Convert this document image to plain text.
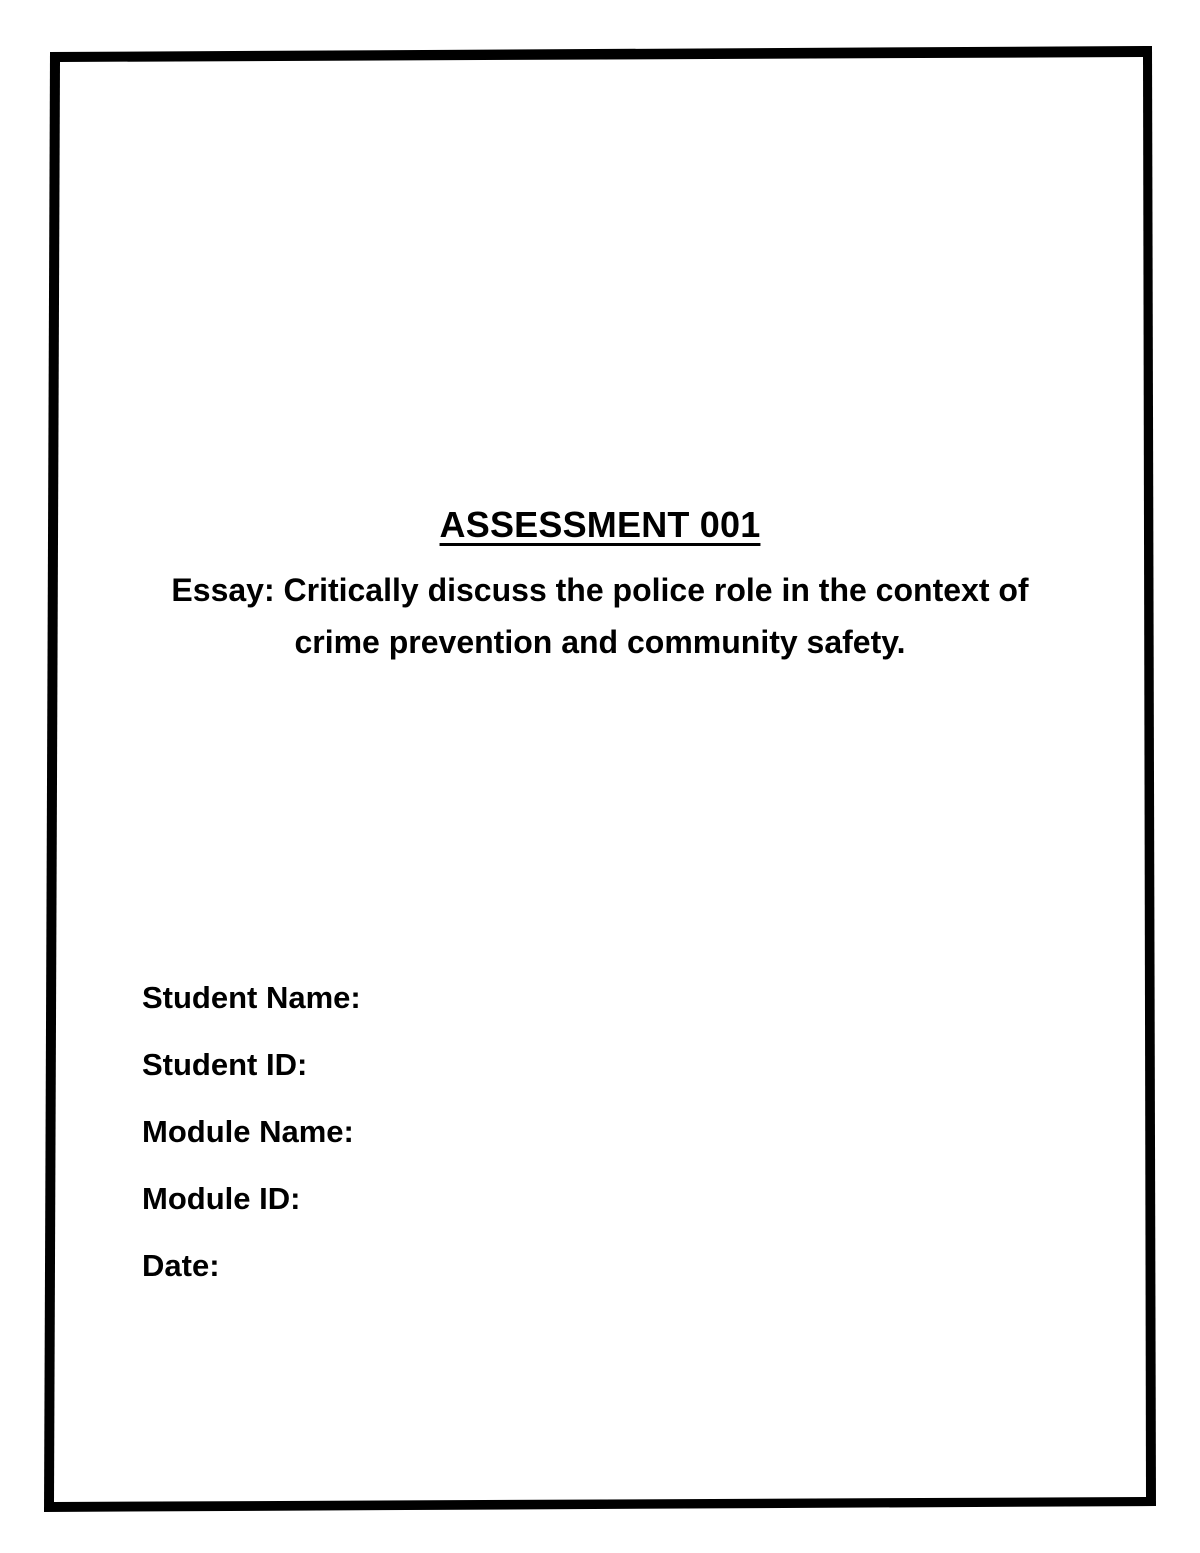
ASSESSMENT 001
Essay: Critically discuss the police role in the context of crime prevention and community safety.
Student Name:
Student ID:
Module Name:
Module ID:
Date:
